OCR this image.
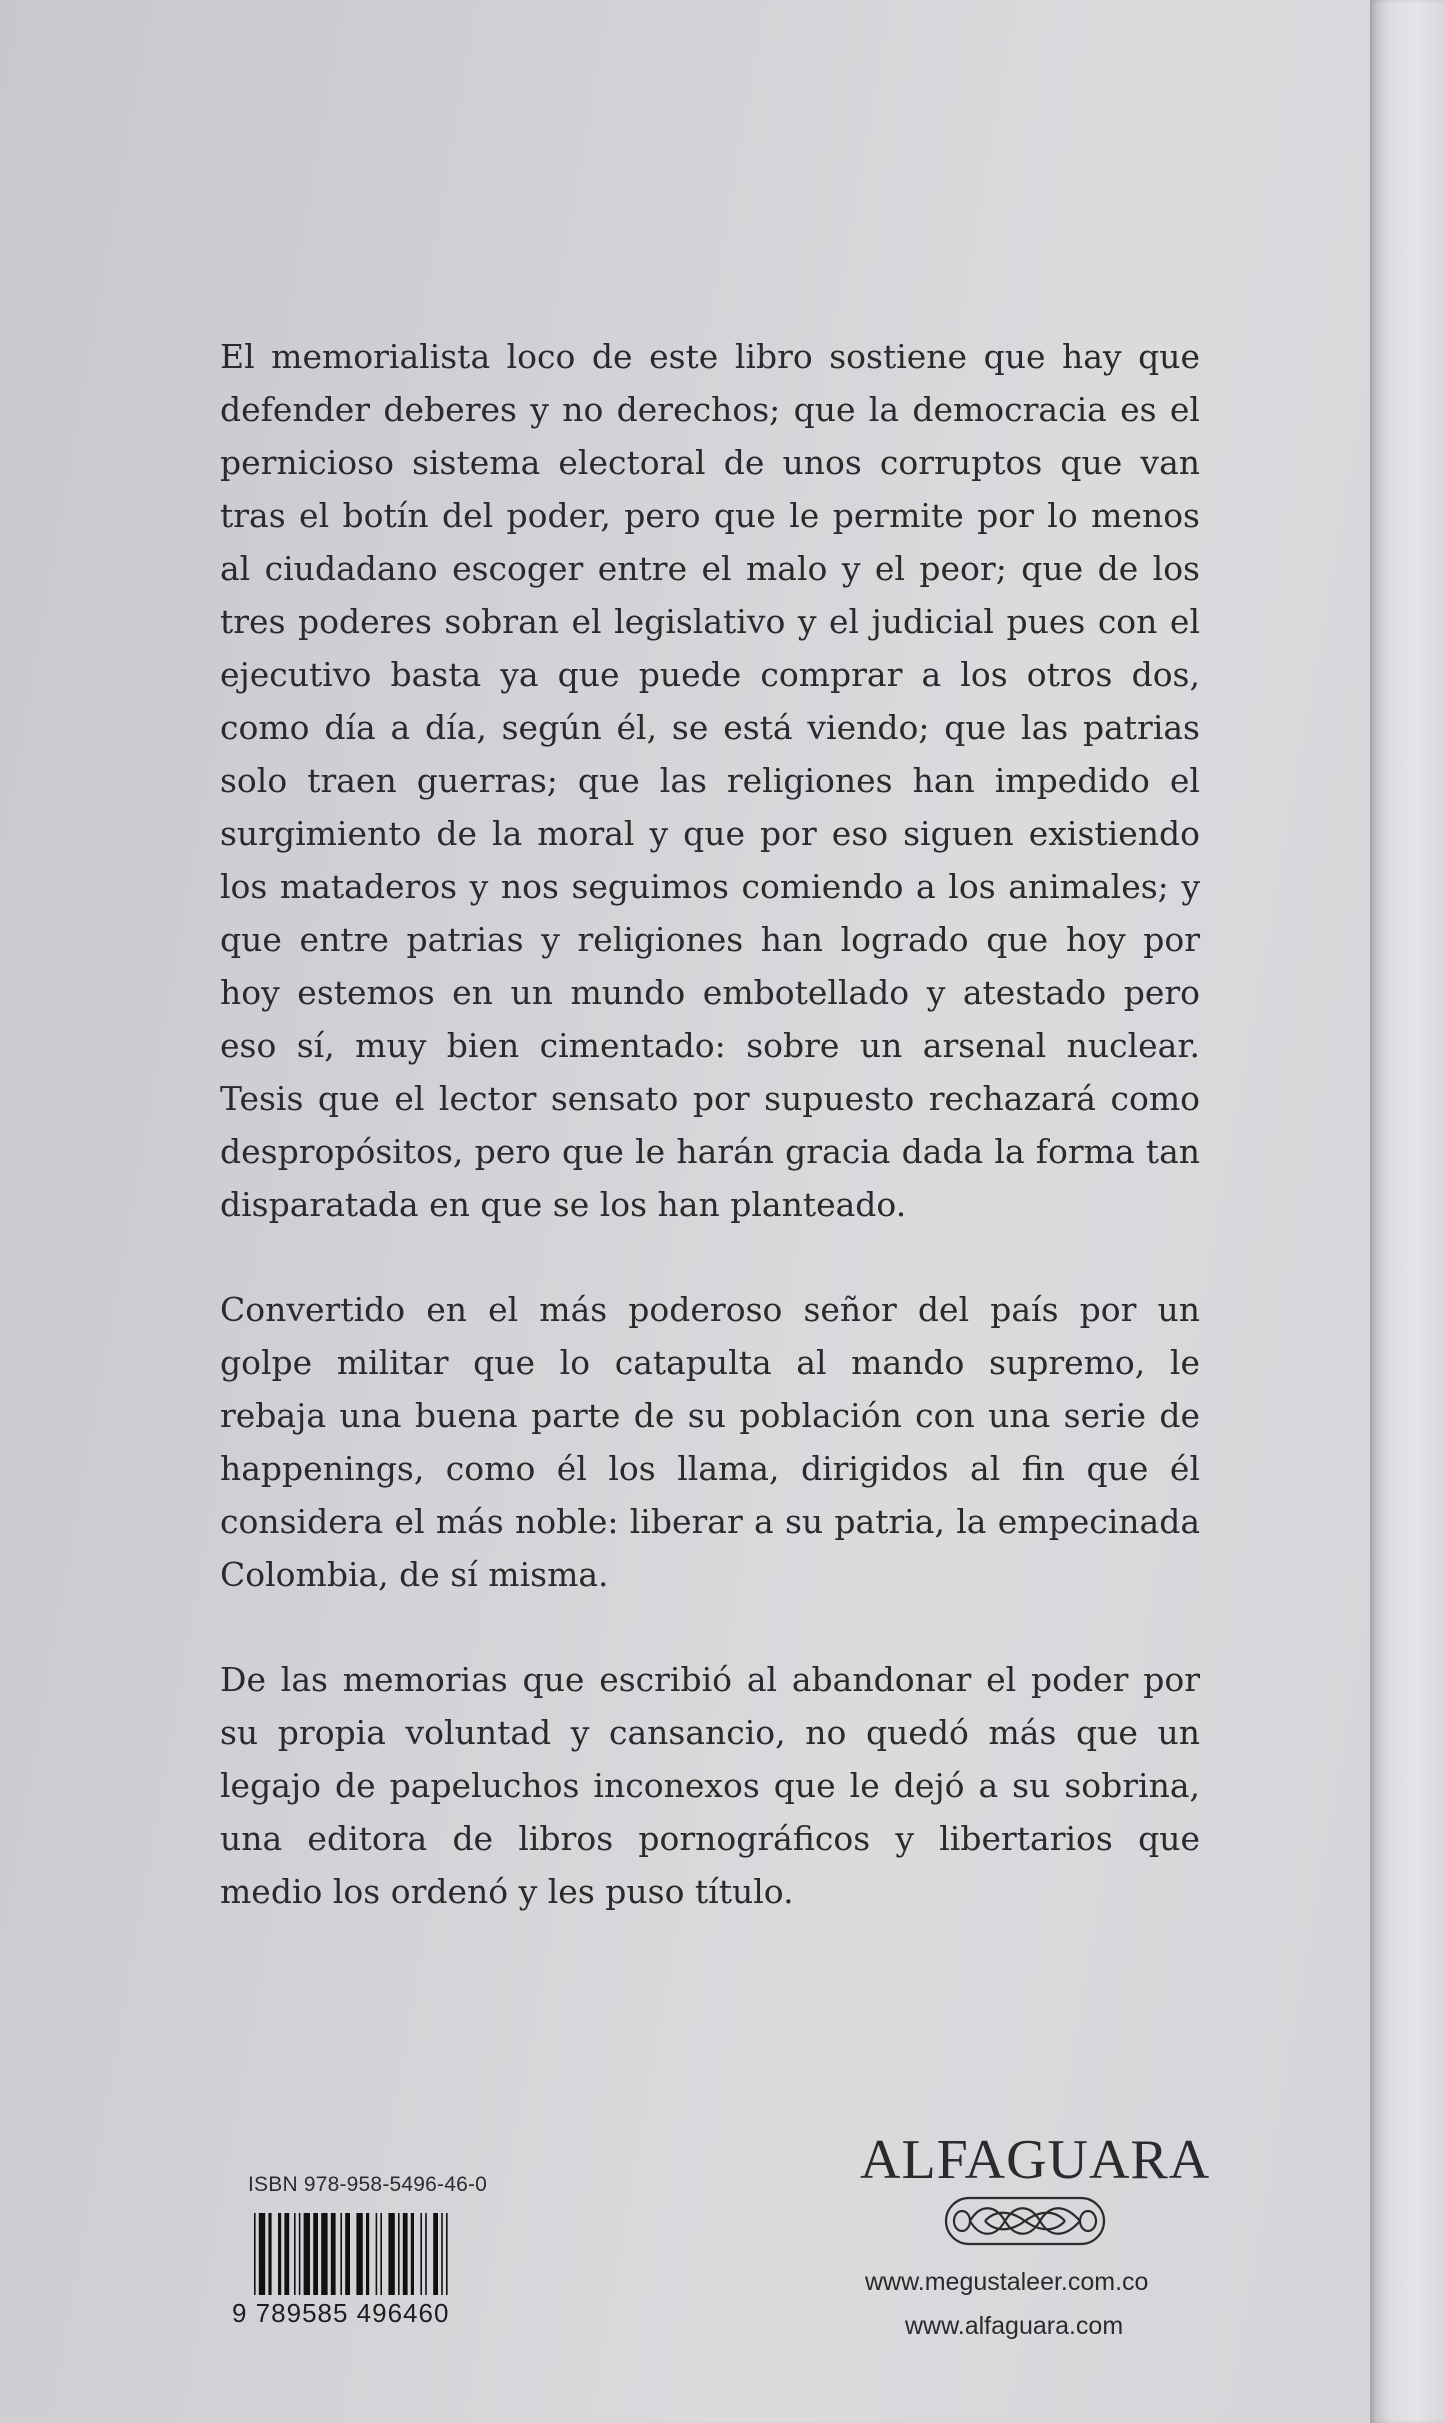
El memorialista loco de este libro sostiene que hay que defender deberes y no derechos; que la democracia es el pernicioso sistema electoral de unos corruptos que van tras el botín del poder, pero que le permite por lo menos al ciudadano escoger entre el malo y el peor; que de los tres poderes sobran el legislativo y el judicial pues con el ejecutivo basta ya que puede comprar a los otros dos, como día a día, según él, se está viendo; que las patrias solo traen guerras; que las religiones han impedido el surgimiento de la moral y que por eso siguen existiendo los mataderos y nos seguimos comiendo a los animales; y que entre patrias y religiones han logrado que hoy por hoy estemos en un mundo embotellado y atestado pero eso sí, muy bien cimentado: sobre un arsenal nuclear. Tesis que el lector sensato por supuesto rechazará como despropósitos, pero que le harán gracia dada la forma tan disparatada en que se los han planteado.

Convertido en el más poderoso señor del país por un golpe militar que lo catapulta al mando supremo, le rebaja una buena parte de su población con una serie de happenings, como él los llama, dirigidos al fin que él considera el más noble: liberar a su patria, la empecinada Colombia, de sí misma.

De las memorias que escribió al abandonar el poder por su propia voluntad y cansancio, no quedó más que un legajo de papeluchos inconexos que le dejó a su sobrina, una editora de libros pornográficos y libertarios que medio los ordenó y les puso título.

ISBN 978-958-5496-46-0
9 789585 496460
ALFAGUARA
www.megustaleer.com.co
www.alfaguara.com
